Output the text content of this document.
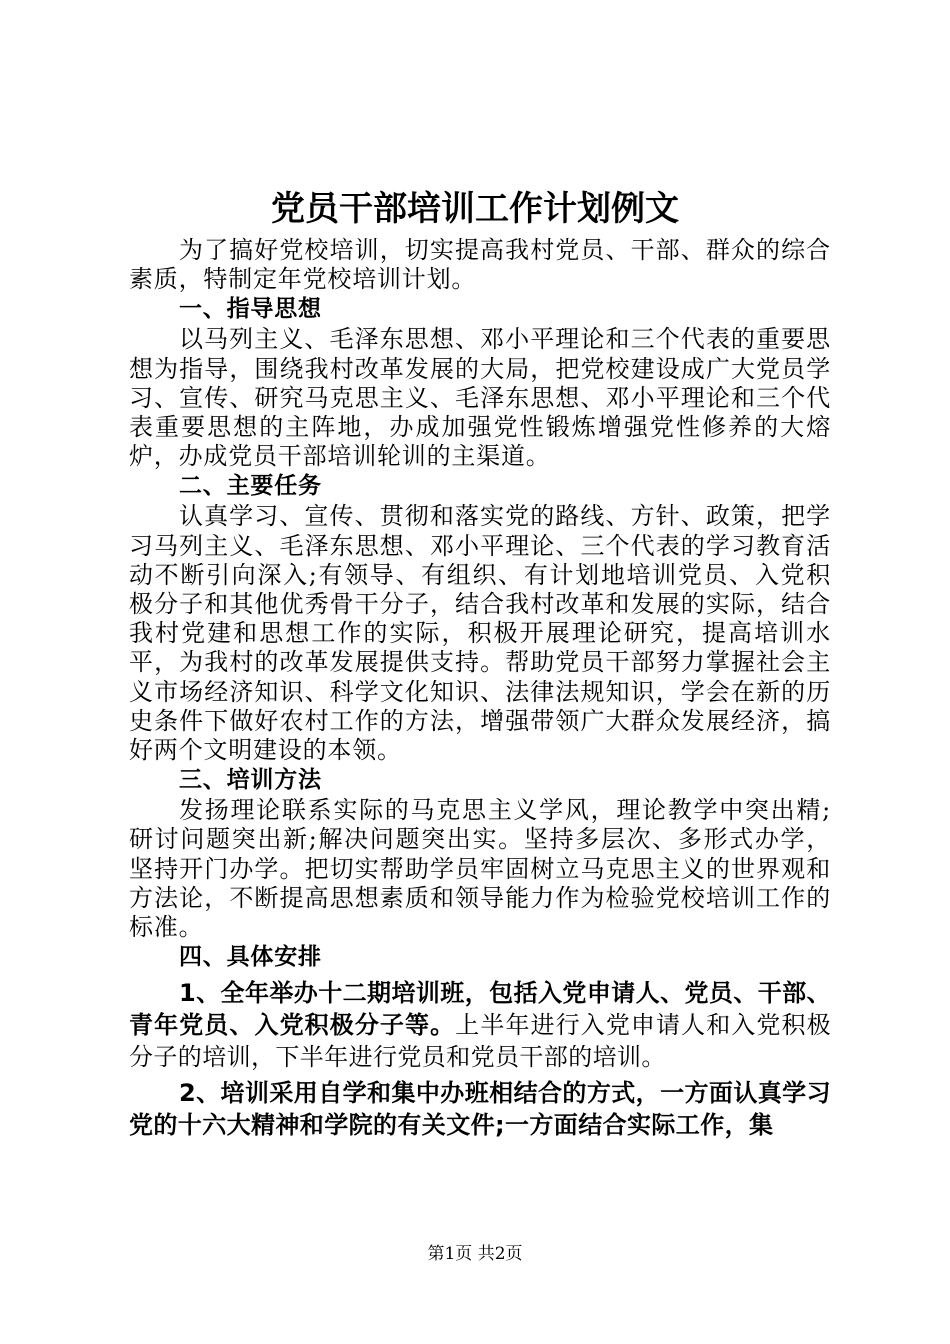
党员干部培训工作计划例文

为了搞好党校培训，切实提高我村党员、干部、群众的综合素质，特制定年党校培训计划。

一、指导思想

以马列主义、毛泽东思想、邓小平理论和三个代表的重要思想为指导，围绕我村改革发展的大局，把党校建设成广大党员学习、宣传、研究马克思主义、毛泽东思想、邓小平理论和三个代表重要思想的主阵地，办成加强党性锻炼增强党性修养的大熔炉，办成党员干部培训轮训的主渠道。

二、主要任务

认真学习、宣传、贯彻和落实党的路线、方针、政策，把学习马列主义、毛泽东思想、邓小平理论、三个代表的学习教育活动不断引向深入;有领导、有组织、有计划地培训党员、入党积极分子和其他优秀骨干分子，结合我村改革和发展的实际，结合我村党建和思想工作的实际，积极开展理论研究，提高培训水平，为我村的改革发展提供支持。帮助党员干部努力掌握社会主义市场经济知识、科学文化知识、法律法规知识，学会在新的历史条件下做好农村工作的方法，增强带领广大群众发展经济，搞好两个文明建设的本领。

三、培训方法

发扬理论联系实际的马克思主义学风，理论教学中突出精;研讨问题突出新;解决问题突出实。坚持多层次、多形式办学，坚持开门办学。把切实帮助学员牢固树立马克思主义的世界观和方法论，不断提高思想素质和领导能力作为检验党校培训工作的标准。

四、具体安排

1、全年举办十二期培训班，包括入党申请人、党员、干部、青年党员、入党积极分子等。上半年进行入党申请人和入党积极分子的培训，下半年进行党员和党员干部的培训。

2、培训采用自学和集中办班相结合的方式，一方面认真学习党的十六大精神和学院的有关文件;一方面结合实际工作，集

第1页 共2页
